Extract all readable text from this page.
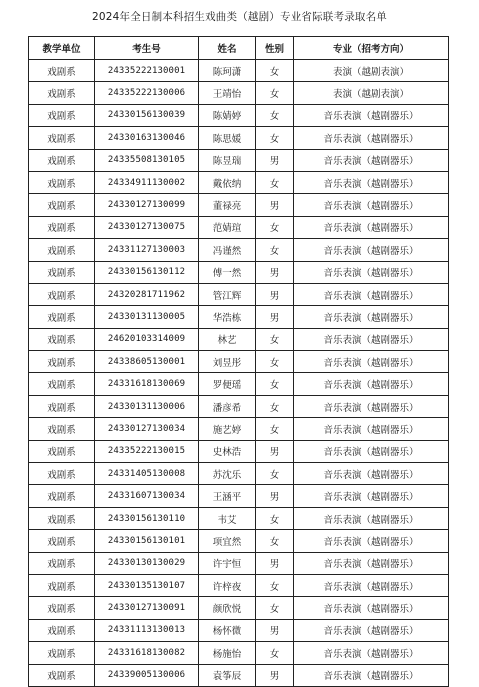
2024年全日制本科招生戏曲类（越剧）专业省际联考录取名单
教学单位	考生号	姓名	性别	专业（招考方向）
戏剧系	24335222130001	陈珂潇	女	表演（越剧表演）
戏剧系	24335222130006	王靖怡	女	表演（越剧表演）
戏剧系	24330156130039	陈婧婷	女	音乐表演（越剧器乐）
戏剧系	24330163130046	陈思媛	女	音乐表演（越剧器乐）
戏剧系	24335508130105	陈昱瑞	男	音乐表演（越剧器乐）
戏剧系	24334911130002	戴依纳	女	音乐表演（越剧器乐）
戏剧系	24330127130099	董禄亮	男	音乐表演（越剧器乐）
戏剧系	24330127130075	范婧瑄	女	音乐表演（越剧器乐）
戏剧系	24331127130003	冯谨然	女	音乐表演（越剧器乐）
戏剧系	24330156130112	傅一然	男	音乐表演（越剧器乐）
戏剧系	24320281711962	管江辉	男	音乐表演（越剧器乐）
戏剧系	24330131130005	华浩栋	男	音乐表演（越剧器乐）
戏剧系	24620103314009	林艺	女	音乐表演（越剧器乐）
戏剧系	24338605130001	刘昱彤	女	音乐表演（越剧器乐）
戏剧系	24331618130069	罗便瑶	女	音乐表演（越剧器乐）
戏剧系	24330131130006	潘彦希	女	音乐表演（越剧器乐）
戏剧系	24330127130034	施艺婷	女	音乐表演（越剧器乐）
戏剧系	24335222130015	史林浩	男	音乐表演（越剧器乐）
戏剧系	24331405130008	苏沈乐	女	音乐表演（越剧器乐）
戏剧系	24331607130034	王涵平	男	音乐表演（越剧器乐）
戏剧系	24330156130110	韦艾	女	音乐表演（越剧器乐）
戏剧系	24330156130101	项宜然	女	音乐表演（越剧器乐）
戏剧系	24330130130029	许宇恒	男	音乐表演（越剧器乐）
戏剧系	24330135130107	许梓夜	女	音乐表演（越剧器乐）
戏剧系	24330127130091	颜欣悦	女	音乐表演（越剧器乐）
戏剧系	24331113130013	杨怀微	男	音乐表演（越剧器乐）
戏剧系	24331618130082	杨施怡	女	音乐表演（越剧器乐）
戏剧系	24339005130006	袁筝辰	男	音乐表演（越剧器乐）
